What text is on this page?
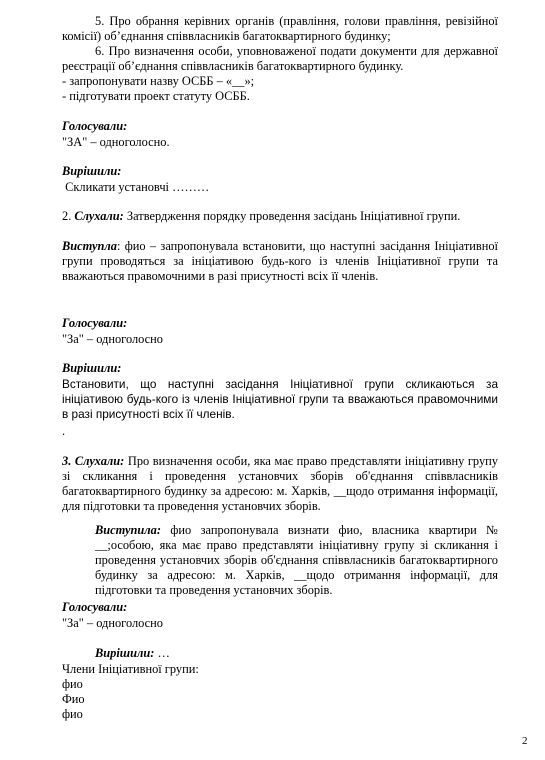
5. Про обрання керівних органів (правління, голови правління, ревізійної комісії) об’єднання співвласників багатоквартирного будинку;

6. Про визначення особи, уповноваженої подати документи для державної реєстрації об’єднання співвласників багатоквартирного будинку.

- запропонувати назву ОСББ – «__»;

- підготувати проект статуту ОСББ.

Голосували:

"ЗА" – одноголосно.

Вирішили:

Скликати установчі ………

2. Слухали: Затвердження порядку проведення засідань Ініціативної групи.

Виступла: фио – запропонувала встановити, що наступні засідання Ініціативної групи проводяться за ініціативою будь-кого із членів Ініціативної групи та вважаються правомочними в разі присутності всіх її членів.

Голосували:

"За" – одноголосно

Вирішили:

Встановити, що наступні засідання Ініціативної групи скликаються за ініціативою будь-кого із членів Ініціативної групи та вважаються правомочними в разі присутності всіх її членів.

.

3. Слухали: Про визначення особи, яка має право представляти ініціативну групу зі скликання і проведення установчих зборів об'єднання співвласників багатоквартирного будинку за адресою: м. Харків, __щодо отримання інформації, для підготовки та проведення установчих зборів.

Виступила: фио запропонувала визнати фио, власника квартири № __;особою, яка має право представляти ініціативну групу зі скликання і проведення установчих зборів об'єднання співвласників багатоквартирного будинку за адресою: м. Харків, __щодо отримання інформації, для підготовки та проведення установчих зборів.

Голосували:

"За" – одноголосно

Вирішили: …

Члени Ініціативної групи:

фио

Фио

фио

2
